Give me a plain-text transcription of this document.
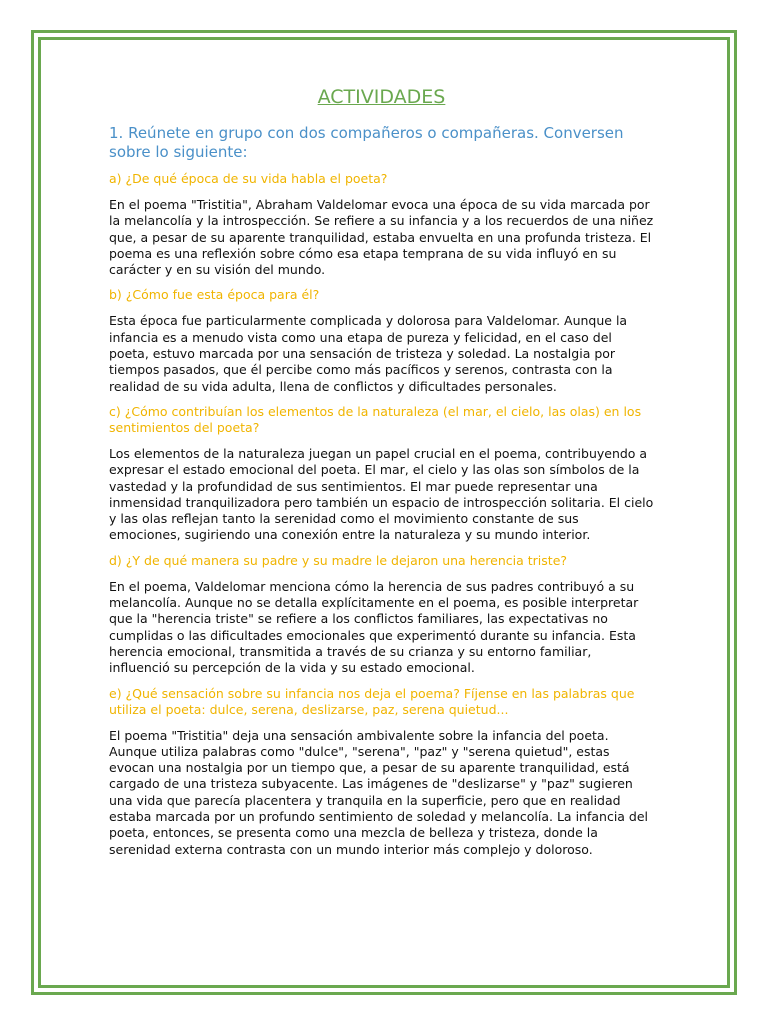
ACTIVIDADES

1. Reúnete en grupo con dos compañeros o compañeras. Conversen sobre lo siguiente:

a) ¿De qué época de su vida habla el poeta?

En el poema "Tristitia", Abraham Valdelomar evoca una época de su vida marcada por la melancolía y la introspección. Se refiere a su infancia y a los recuerdos de una niñez que, a pesar de su aparente tranquilidad, estaba envuelta en una profunda tristeza. El poema es una reflexión sobre cómo esa etapa temprana de su vida influyó en su carácter y en su visión del mundo.

b) ¿Cómo fue esta época para él?

Esta época fue particularmente complicada y dolorosa para Valdelomar. Aunque la infancia es a menudo vista como una etapa de pureza y felicidad, en el caso del poeta, estuvo marcada por una sensación de tristeza y soledad. La nostalgia por tiempos pasados, que él percibe como más pacíficos y serenos, contrasta con la realidad de su vida adulta, llena de conflictos y dificultades personales.

c) ¿Cómo contribuían los elementos de la naturaleza (el mar, el cielo, las olas) en los sentimientos del poeta?

Los elementos de la naturaleza juegan un papel crucial en el poema, contribuyendo a expresar el estado emocional del poeta. El mar, el cielo y las olas son símbolos de la vastedad y la profundidad de sus sentimientos. El mar puede representar una inmensidad tranquilizadora pero también un espacio de introspección solitaria. El cielo y las olas reflejan tanto la serenidad como el movimiento constante de sus emociones, sugiriendo una conexión entre la naturaleza y su mundo interior.

d) ¿Y de qué manera su padre y su madre le dejaron una herencia triste?

En el poema, Valdelomar menciona cómo la herencia de sus padres contribuyó a su melancolía. Aunque no se detalla explícitamente en el poema, es posible interpretar que la "herencia triste" se refiere a los conflictos familiares, las expectativas no cumplidas o las dificultades emocionales que experimentó durante su infancia. Esta herencia emocional, transmitida a través de su crianza y su entorno familiar, influenció su percepción de la vida y su estado emocional.

e) ¿Qué sensación sobre su infancia nos deja el poema? Fíjense en las palabras que utiliza el poeta: dulce, serena, deslizarse, paz, serena quietud...

El poema "Tristitia" deja una sensación ambivalente sobre la infancia del poeta. Aunque utiliza palabras como "dulce", "serena", "paz" y "serena quietud", estas evocan una nostalgia por un tiempo que, a pesar de su aparente tranquilidad, está cargado de una tristeza subyacente. Las imágenes de "deslizarse" y "paz" sugieren una vida que parecía placentera y tranquila en la superficie, pero que en realidad estaba marcada por un profundo sentimiento de soledad y melancolía. La infancia del poeta, entonces, se presenta como una mezcla de belleza y tristeza, donde la serenidad externa contrasta con un mundo interior más complejo y doloroso.
